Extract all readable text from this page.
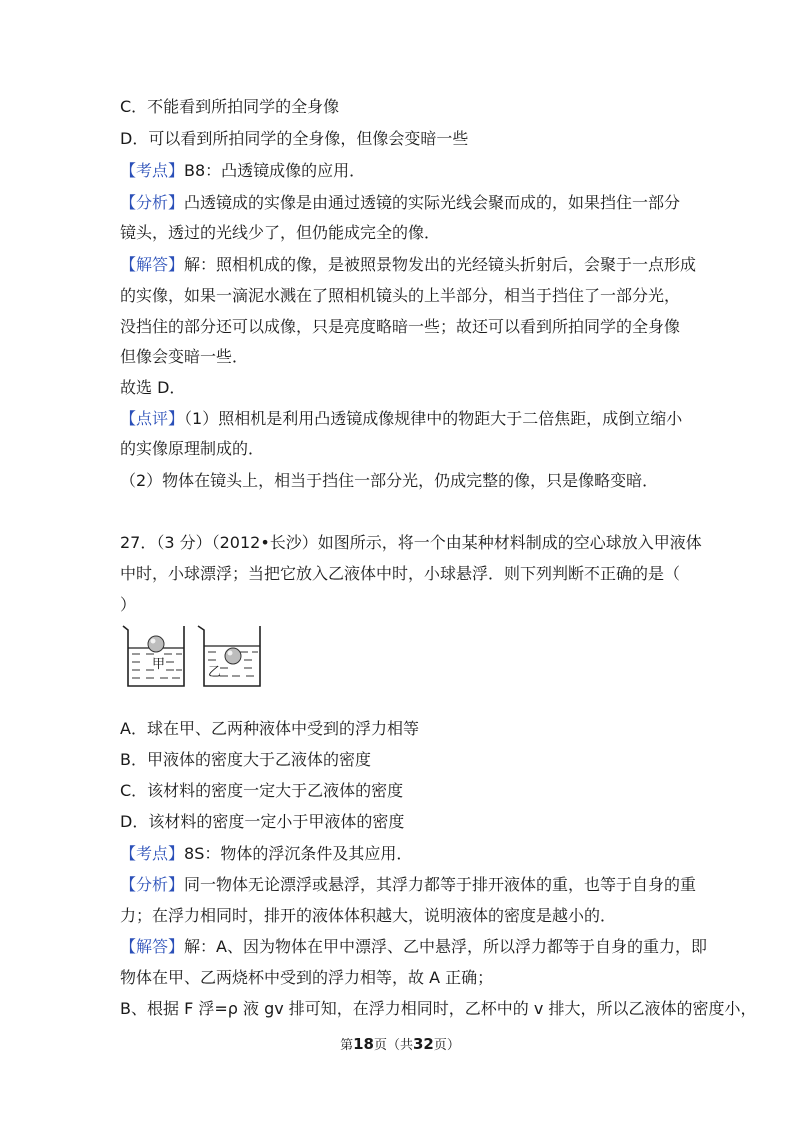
C．不能看到所拍同学的全身像
D．可以看到所拍同学的全身像，但像会变暗一些
【考点】B8：凸透镜成像的应用．
【分析】凸透镜成的实像是由通过透镜的实际光线会聚而成的，如果挡住一部分
镜头，透过的光线少了，但仍能成完全的像．
【解答】解：照相机成的像，是被照景物发出的光经镜头折射后，会聚于一点形成
的实像，如果一滴泥水溅在了照相机镜头的上半部分，相当于挡住了一部分光，
没挡住的部分还可以成像，只是亮度略暗一些；故还可以看到所拍同学的全身像
但像会变暗一些．
故选 D．
【点评】（1）照相机是利用凸透镜成像规律中的物距大于二倍焦距，成倒立缩小
的实像原理制成的．
（2）物体在镜头上，相当于挡住一部分光，仍成完整的像，只是像略变暗．
27．（3 分）（2012•长沙）如图所示，将一个由某种材料制成的空心球放入甲液体
中时，小球漂浮；当把它放入乙液体中时，小球悬浮．则下列判断不正确的是（
）
甲
乙
A．球在甲、乙两种液体中受到的浮力相等
B．甲液体的密度大于乙液体的密度
C．该材料的密度一定大于乙液体的密度
D．该材料的密度一定小于甲液体的密度
【考点】8S：物体的浮沉条件及其应用．
【分析】同一物体无论漂浮或悬浮，其浮力都等于排开液体的重，也等于自身的重
力；在浮力相同时，排开的液体体积越大，说明液体的密度是越小的．
【解答】解：A、因为物体在甲中漂浮、乙中悬浮，所以浮力都等于自身的重力，即
物体在甲、乙两烧杯中受到的浮力相等，故 A 正确；
B、根据 F 浮=ρ 液 gv 排可知，在浮力相同时，乙杯中的 v 排大，所以乙液体的密度小，
第18页（共32页）
